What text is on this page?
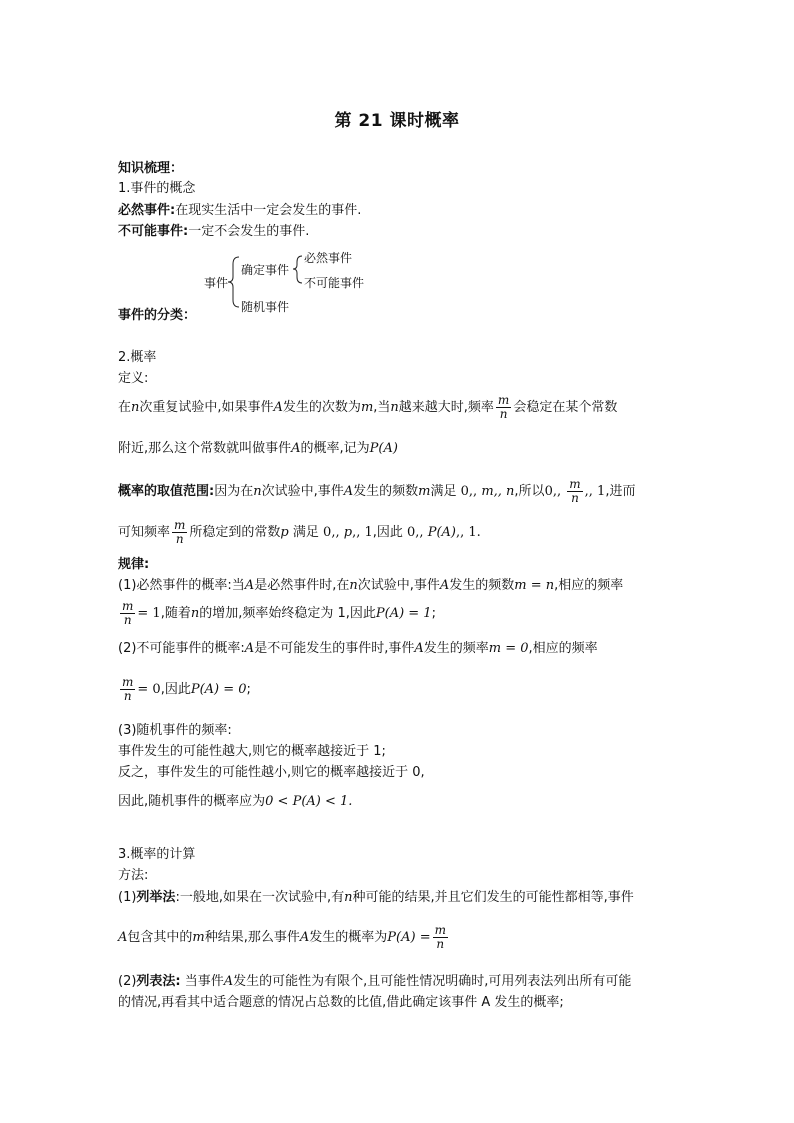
第 21 课时概率
知识梳理：
1.事件的概念
必然事件:在现实生活中一定会发生的事件.
不可能事件:一定不会发生的事件.
事件
确定事件
必然事件
不可能事件
随机事件
事件的分类：
2.概率
定义:
在n次重复试验中,如果事件A发生的次数为m,当n越来越大时,频率 $\frac{m}{n}$ 会稳定在某个常数
附近,那么这个常数就叫做事件A的概率,记为P(A)
概率的取值范围:因为在n次试验中,事件A发生的频数m满足 0,, m,, n,所以0,, $\frac{m}{n}$ ,, 1,进而
可知频率 $\frac{m}{n}$ 所稳定到的常数p 满足 0,, p,, 1,因此 0,, P(A),, 1.
规律:
(1)必然事件的概率:当A是必然事件时,在n次试验中,事件A发生的频数m = n,相应的频率
$\frac{m}{n} = 1$,随着n的增加,频率始终稳定为 1,因此P(A) = 1;
(2)不可能事件的概率:A是不可能发生的事件时,事件A发生的频率m = 0,相应的频率
$\frac{m}{n} = 0$,因此P(A) = 0;
(3)随机事件的频率:
事件发生的可能性越大,则它的概率越接近于 1;
反之，事件发生的可能性越小,则它的概率越接近于 0,
因此,随机事件的概率应为0 < P(A) < 1.
3.概率的计算
方法:
(1)列举法:一般地,如果在一次试验中,有n种可能的结果,并且它们发生的可能性都相等,事件
A包含其中的m种结果,那么事件A发生的概率为$P(A) = \frac{m}{n}$
(2)列表法: 当事件A发生的可能性为有限个,且可能性情况明确时,可用列表法列出所有可能
的情况,再看其中适合题意的情况占总数的比值,借此确定该事件 A 发生的概率;
